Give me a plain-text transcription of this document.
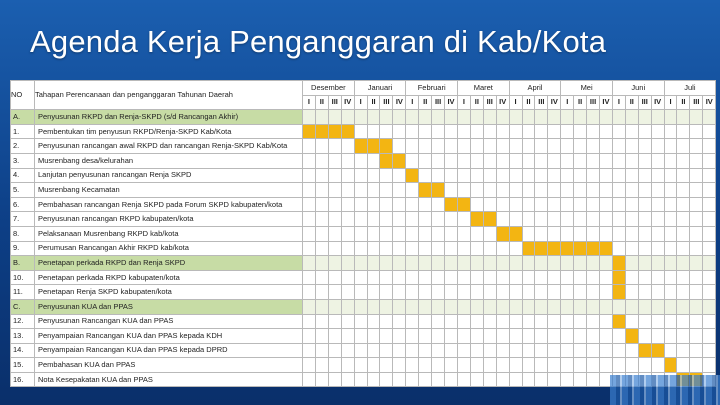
Agenda Kerja Penganggaran di Kab/Kota
NO	Tahapan Perencanaan dan penganggaran Tahunan Daerah	Desember				Januari				Februari				Maret				April				Mei				Juni				Juli			
		I	II	III	IV	I	II	III	IV	I	II	III	IV	I	II	III	IV	I	II	III	IV	I	II	III	IV	I	II	III	IV	I	II	III	IV
A.	Penyusunan RKPD dan Renja-SKPD (s/d Rancangan Akhir)																																
1.	Pembentukan tim penyusun RKPD/Renja-SKPD Kab/Kota																																
2.	Penyusunan rancangan awal RKPD dan rancangan Renja-SKPD Kab/Kota																																
3.	Musrenbang desa/kelurahan																																
4.	Lanjutan penyusunan rancangan Renja SKPD																																
5.	Musrenbang Kecamatan																																
6.	Pembahasan rancangan Renja SKPD pada Forum SKPD kabupaten/kota																																
7.	Penyusunan rancangan RKPD kabupaten/kota																																
8.	Pelaksanaan Musrenbang RKPD kab/kota																																
9.	Perumusan Rancangan Akhir RKPD kab/kota																																
B.	Penetapan perkada RKPD dan Renja SKPD																																
10.	Penetapan perkada RKPD kabupaten/kota																																
11.	Penetapan Renja SKPD kabupaten/kota																																
C.	Penyusunan KUA dan PPAS																																
12.	Penyusunan Rancangan KUA dan PPAS																																
13.	Penyampaian Rancangan KUA dan PPAS kepada KDH																																
14.	Penyampaian Rancangan KUA dan PPAS kepada DPRD																																
15.	Pembahasan KUA dan PPAS																																
16.	Nota Kesepakatan KUA dan PPAS																																
